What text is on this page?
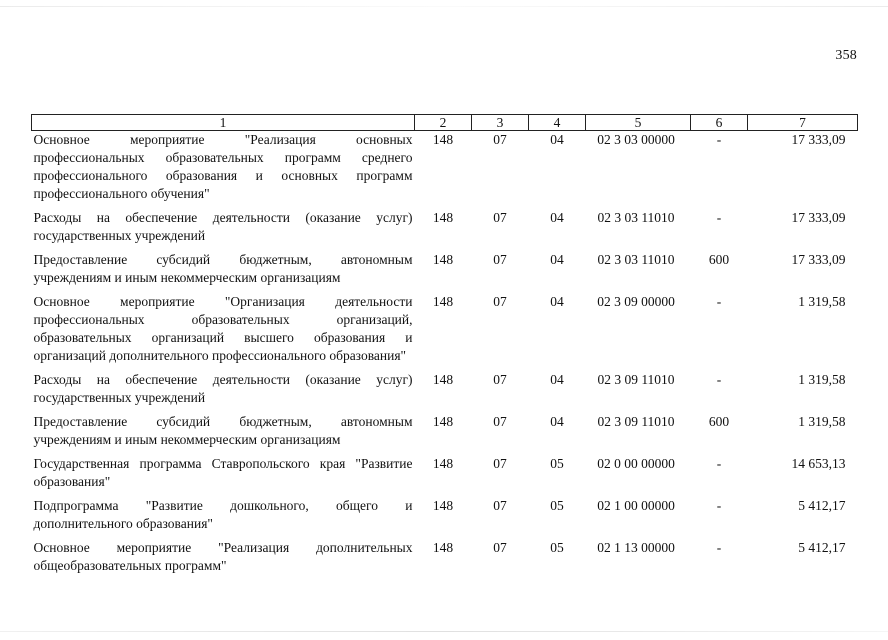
358
1	2	3	4	5	6	7
Основное мероприятие "Реализация основных профессиональных образовательных программ среднего профессионального образования и основных программ профессионального обучения"	148	07	04	02 3 03 00000	-	17 333,09
Расходы на обеспечение деятельности (оказание услуг) государственных учреждений	148	07	04	02 3 03 11010	-	17 333,09
Предоставление субсидий бюджетным, автономным учреждениям и иным некоммерческим организациям	148	07	04	02 3 03 11010	600	17 333,09
Основное мероприятие "Организация деятельности профессиональных образовательных организаций, образовательных организаций высшего образования и организаций дополнительного профессионального образования"	148	07	04	02 3 09 00000	-	1 319,58
Расходы на обеспечение деятельности (оказание услуг) государственных учреждений	148	07	04	02 3 09 11010	-	1 319,58
Предоставление субсидий бюджетным, автономным учреждениям и иным некоммерческим организациям	148	07	04	02 3 09 11010	600	1 319,58
Государственная программа Ставропольского края "Развитие образования"	148	07	05	02 0 00 00000	-	14 653,13
Подпрограмма "Развитие дошкольного, общего и дополнительного образования"	148	07	05	02 1 00 00000	-	5 412,17
Основное мероприятие "Реализация дополнительных общеобразовательных программ"	148	07	05	02 1 13 00000	-	5 412,17
